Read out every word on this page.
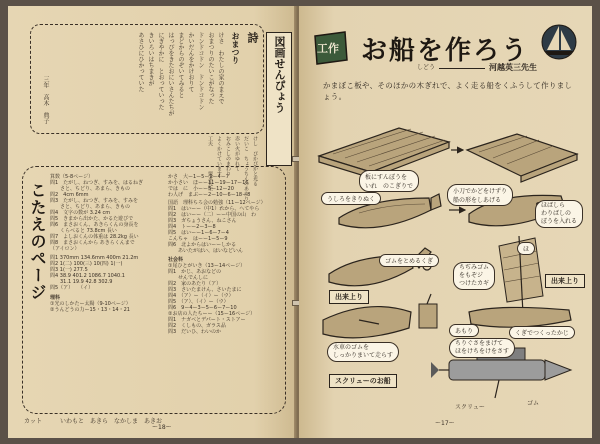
詩
おまつり
けさ　わたしの家のまえで
おまつりのたいこがなった
ドンドコドン　ドンドコドン
かいだんをかけおりて
まどからのぞいてみると
はっぴをきたおにいさんたちが
にぎやかに　とおっていった
きいろいはちまきが
あさひにひかっていた
三年　高木　典子	図画せんぴょう
けし　ぴかぴかと光る
だいこ　ちょうちんのあかり
赤い火がゆれて
おみこしのまわり
よくかけています
工夫　　　　　栗本先生
こたえのページ
算数（5-8ページ）
問1　たがし、ねつぎ、すみを、はるねぎ
　　さと、ちどり、あまら、きもの
問2　4cm 6mm
問3　たがし、ねつぎ、すみを、すみを
　　さと、ちどり、あまら、きもの
問4　文字の数が 3.24 cm
問5　きまから出かた、かるた遊びで
問6　まさおくん、あきらくんの身長を
　　くらべると 73.8cm 長い
問7　よしおくんの体重は 28.2kg 長い
問8　まさおくんから あきらくんまで
（アイロン）
問1 370mm 134.6mm 400m 21.2m
問2 1(二) 100(三) 10(四) 1(一)
問3 1(一) 277.5
問4 38.9 401.2 1086.7 1040.1
　　31.1 19.9 42.8 302.9
問5（ア）　　（イ）
理科
①光のしかたー太陽（9-10ページ）
②うんどうの力ー15・13・14・21
かさ　大ー1ー5ー9ー4ー7
か小さい　ほーー11ー19ー17ー16
では　に　小ーー5ー12ー20
わ人げ　まぶーー2ー10ー6ー18ー8
国語　理科ちろ会の勉強（11ー12ページ）
問1　はいーー（中1）れから、へてやら
問2　はいーー（二）ーー中国の山　わ
問3　ガちょうさん、ねこさん
問4　トーー2ー3ー8
問5　はいーー1ー6ー7ー4
こんちゃ　はーー1ー5ー9
問6　北よからはいーーしかる
　　あいたがはい、はいなどいん
社会科
①尾ひとがいき（13ー14ページ）
問1　かじ、あおなどの
　　せんでんしに
問2　家のあたり（ア）
問3　さいたまけん、さいたまに
問4　（ア）ー（イ）ー（ウ）
問5　（ア）、（イ）ー（ウ）
問6　9ー4ー3ー5ー6ー7ー10
②お店の人たちーー（15ー16ページ）
問1　ナガベとデパート・ストアー
問2　くしもの、ガラス品
問3　だいひ、わいのか
カット	いわもと　あきら　なかしま　あきお
ー18ー
工作 お船を作ろう
しどう	河越英三先生
かまぼこ板や、そのほかの木ぎれで、よく走る船をくふうして作りましょう。
板にすんぽうを
いれ　のこぎりで
小刀でかどをけずり
船の形をしあげる
うしろをきりぬく
ほばしら
わりばしの
ぼうを入れる
ゴムをとめるくぎ
ちぢみゴム
をもぞジ
つけたカギ
ほ
水車のゴムを
しっかりまいて走らす
あもり
ちりぐさをまげて
ほをけちをけをさす
くぎでつくったかじ
出来上り
出来上り
スクリューのお船
スクリュー
ゴム
ー17ー
